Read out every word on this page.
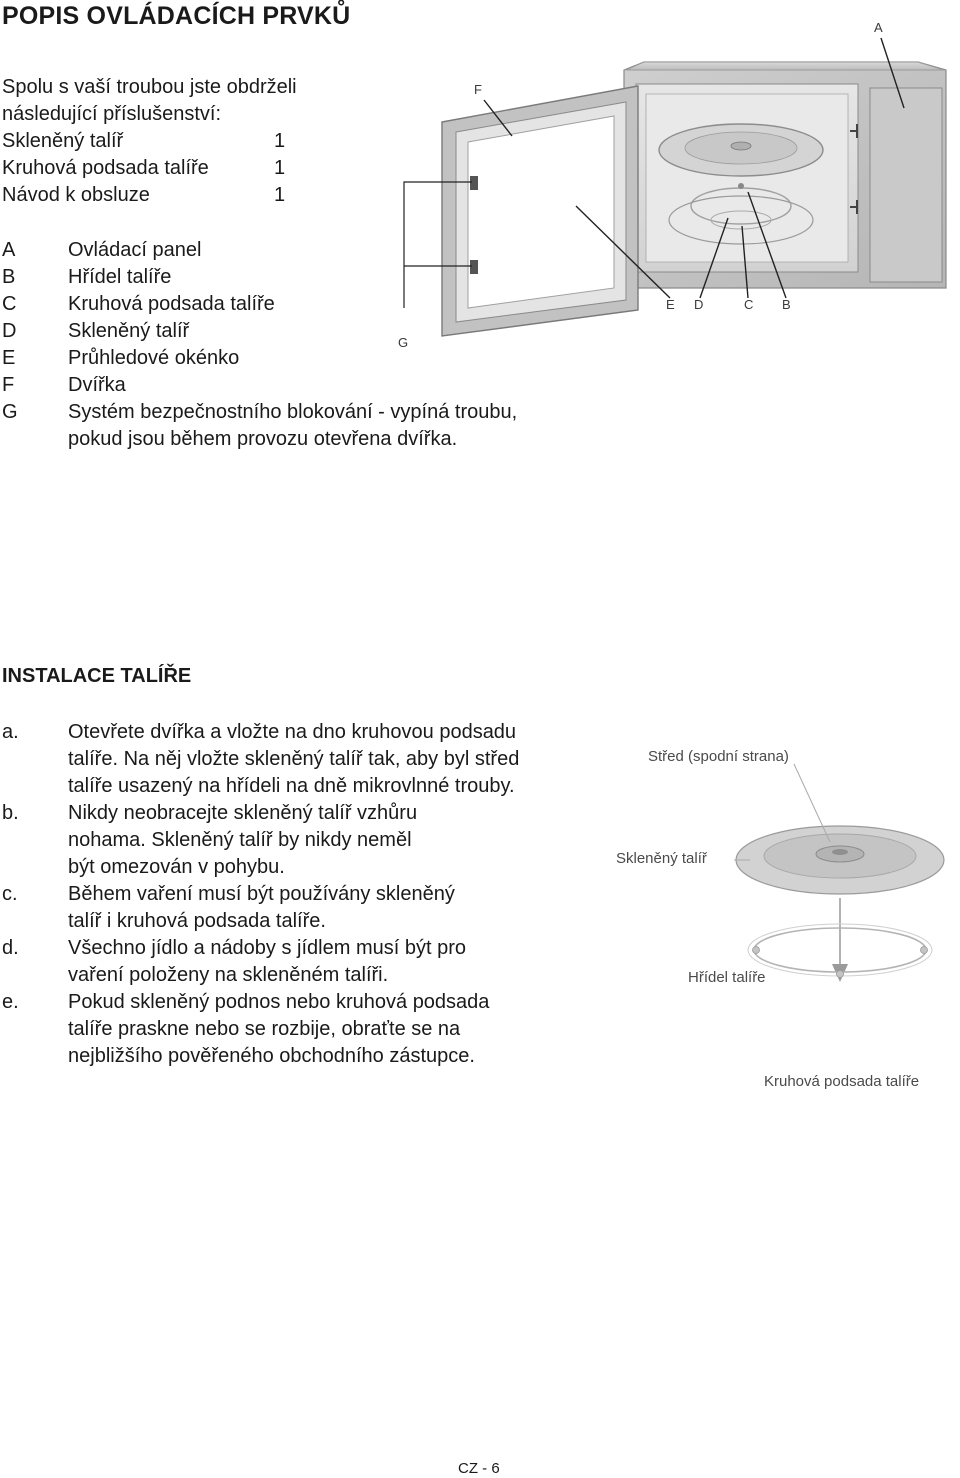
POPIS OVLÁDACÍCH PRVKŮ
Spolu s vaší troubou jste obdrželi
následující příslušenství:
Skleněný talíř	1
Kruhová podsada talíře	1
Návod k obsluze	1
A	Ovládací panel
B	Hřídel talíře
C	Kruhová podsada talíře
D	Skleněný talíř
E	Průhledové okénko
F	Dvířka
G	Systém bezpečnostního blokování - vypíná troubu,
pokud jsou během provozu otevřena dvířka.
A
F
E D	C B
G
INSTALACE TALÍŘE
a. Otevřete dvířka a vložte na dno kruhovou podsadu
talíře. Na něj vložte skleněný talíř tak, aby byl střed
talíře usazený na hřídeli na dně mikrovlnné trouby.
b. Nikdy neobracejte skleněný talíř vzhůru
nohama. Skleněný talíř by nikdy neměl
být omezován v pohybu.
c.	Během vaření musí být používány skleněný
talíř i kruhová podsada talíře.
d. Všechno jídlo a nádoby s jídlem musí být pro
vaření položeny na skleněném talíři.
e. Pokud skleněný podnos nebo kruhová podsada
talíře praskne nebo se rozbije, obraťte se na
nejbližšího pověřeného obchodního zástupce.
Střed (spodní strana)
Skleněný talíř
Hřídel talíře
Kruhová podsada talíře
CZ - 6
